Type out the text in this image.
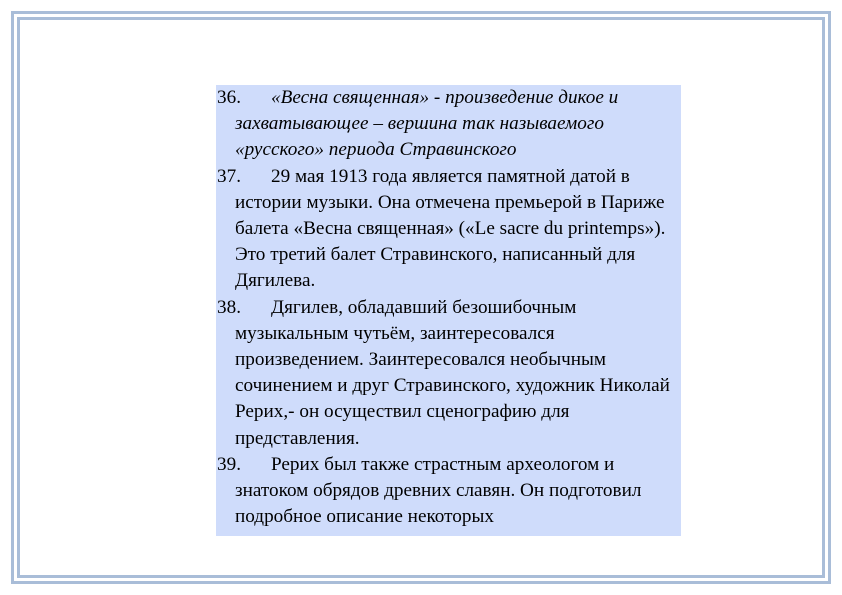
36. «Весна священная» - произведение дикое и захватывающее – вершина так называемого «русского» периода Стравинского
37. 29 мая 1913 года является памятной датой в истории музыки. Она отмечена премьерой в Париже балета «Весна священная» («Le sacre du printemps»). Это третий балет Стравинского, написанный для Дягилева.
38. Дягилев, обладавший безошибочным музыкальным чутьём, заинтересовался произведением. Заинтересовался необычным сочинением и друг Стравинского, художник Николай Рерих,- он осуществил сценографию для представления.
39. Рерих был также страстным археологом и знатоком обрядов древних славян. Он подготовил подробное описание некоторых
